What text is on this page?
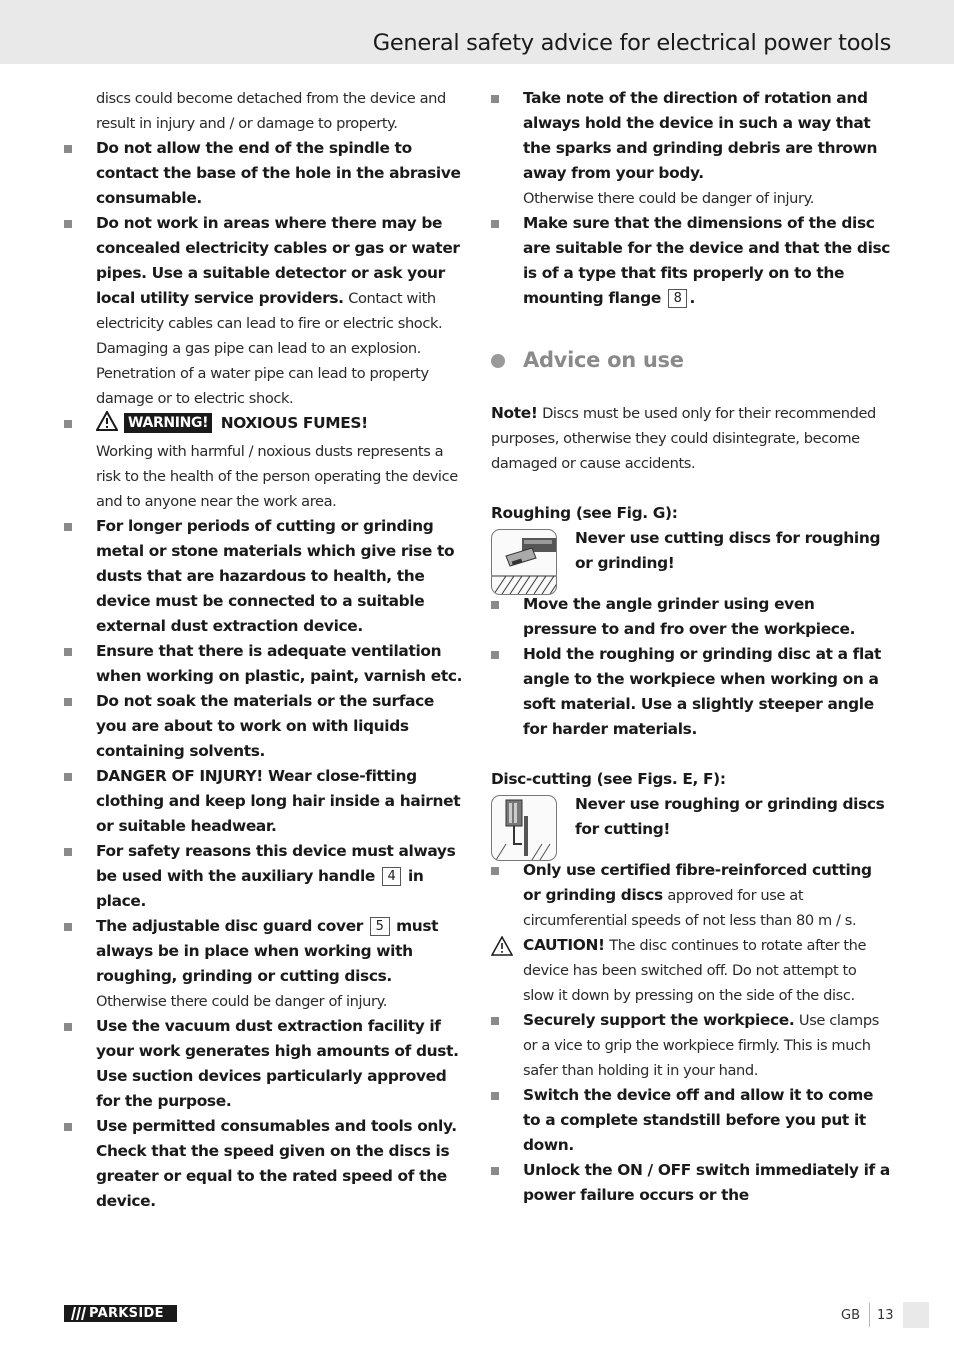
General safety advice for electrical power tools
discs could become detached from the device and result in injury and / or damage to property.
Do not allow the end of the spindle to contact the base of the hole in the abrasive consumable.
Do not work in areas where there may be concealed electricity cables or gas or water pipes. Use a suitable detector or ask your local utility service providers. Contact with electricity cables can lead to fire or electric shock. Damaging a gas pipe can lead to an explosion. Penetration of a water pipe can lead to property damage or to electric shock.
WARNING! NOXIOUS FUMES!
Working with harmful / noxious dusts represents a risk to the health of the person operating the device and to anyone near the work area.
For longer periods of cutting or grinding metal or stone materials which give rise to dusts that are hazardous to health, the device must be connected to a suitable external dust extraction device.
Ensure that there is adequate ventilation when working on plastic, paint, varnish etc.
Do not soak the materials or the surface you are about to work on with liquids containing solvents.
DANGER OF INJURY! Wear close-fitting clothing and keep long hair inside a hairnet or suitable headwear.
For safety reasons this device must always be used with the auxiliary handle 4 in place.
The adjustable disc guard cover 5 must always be in place when working with roughing, grinding or cutting discs.
Otherwise there could be danger of injury.
Use the vacuum dust extraction facility if your work generates high amounts of dust. Use suction devices particularly approved for the purpose.
Use permitted consumables and tools only. Check that the speed given on the discs is greater or equal to the rated speed of the device.
Take note of the direction of rotation and always hold the device in such a way that the sparks and grinding debris are thrown away from your body.
Otherwise there could be danger of injury.
Make sure that the dimensions of the disc are suitable for the device and that the disc is of a type that fits properly on to the mounting flange 8 .
Advice on use
Note! Discs must be used only for their recommended purposes, otherwise they could disintegrate, become damaged or cause accidents.
Roughing (see Fig. G):
Never use cutting discs for roughing or grinding!
Move the angle grinder using even pressure to and fro over the workpiece.
Hold the roughing or grinding disc at a flat angle to the workpiece when working on a soft material. Use a slightly steeper angle for harder materials.
Disc-cutting (see Figs. E, F):
Never use roughing or grinding discs for cutting!
Only use certified fibre-reinforced cutting or grinding discs approved for use at circumferential speeds of not less than 80 m / s.
CAUTION! The disc continues to rotate after the device has been switched off. Do not attempt to slow it down by pressing on the side of the disc.
Securely support the workpiece. Use clamps or a vice to grip the workpiece firmly. This is much safer than holding it in your hand.
Switch the device off and allow it to come to a complete standstill before you put it down.
Unlock the ON / OFF switch immediately if a power failure occurs or the
PARKSIDE	GB 13
